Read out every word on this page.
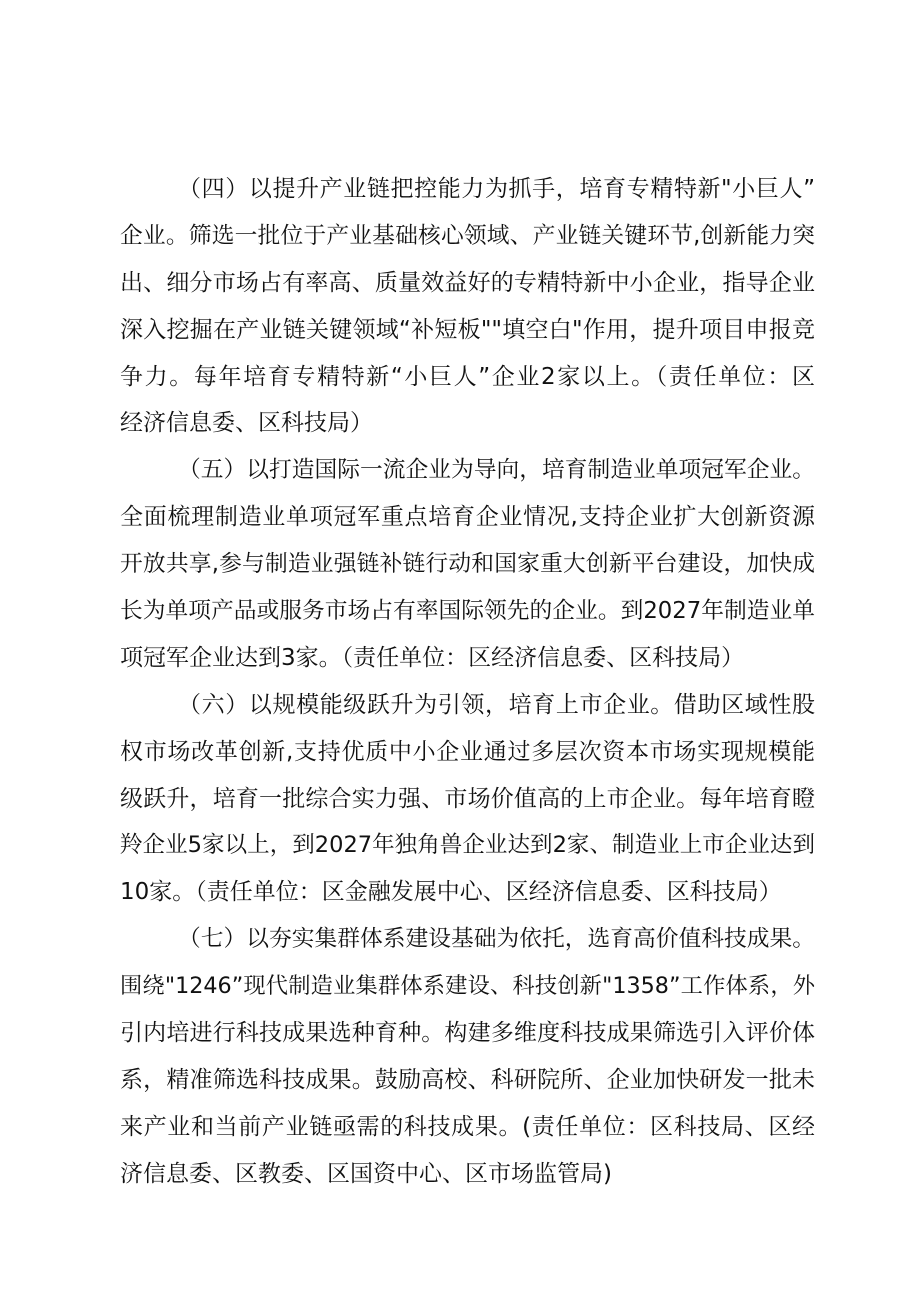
（四）以提升产业链把控能力为抓手，培育专精特新"小巨人”
企业。筛选一批位于产业基础核心领域、产业链关键环节,创新能力突
出、细分市场占有率高、质量效益好的专精特新中小企业，指导企业
深入挖掘在产业链关键领域“补短板""填空白"作用，提升项目申报竞
争力。每年培育专精特新“小巨人”企业2家以上。（责任单位：区
经济信息委、区科技局）
（五）以打造国际一流企业为导向，培育制造业单项冠军企业。
全面梳理制造业单项冠军重点培育企业情况,支持企业扩大创新资源
开放共享,参与制造业强链补链行动和国家重大创新平台建设，加快成
长为单项产品或服务市场占有率国际领先的企业。到2027年制造业单
项冠军企业达到3家。（责任单位：区经济信息委、区科技局）
（六）以规模能级跃升为引领，培育上市企业。借助区域性股
权市场改革创新,支持优质中小企业通过多层次资本市场实现规模能
级跃升，培育一批综合实力强、市场价值高的上市企业。每年培育瞪
羚企业5家以上，到2027年独角兽企业达到2家、制造业上市企业达到
10家。（责任单位：区金融发展中心、区经济信息委、区科技局）
（七）以夯实集群体系建设基础为依托，选育高价值科技成果。
围绕"1246”现代制造业集群体系建设、科技创新"1358”工作体系，外
引内培进行科技成果选种育种。构建多维度科技成果筛选引入评价体
系，精准筛选科技成果。鼓励高校、科研院所、企业加快研发一批未
来产业和当前产业链亟需的科技成果。(责任单位：区科技局、区经
济信息委、区教委、区国资中心、区市场监管局)
